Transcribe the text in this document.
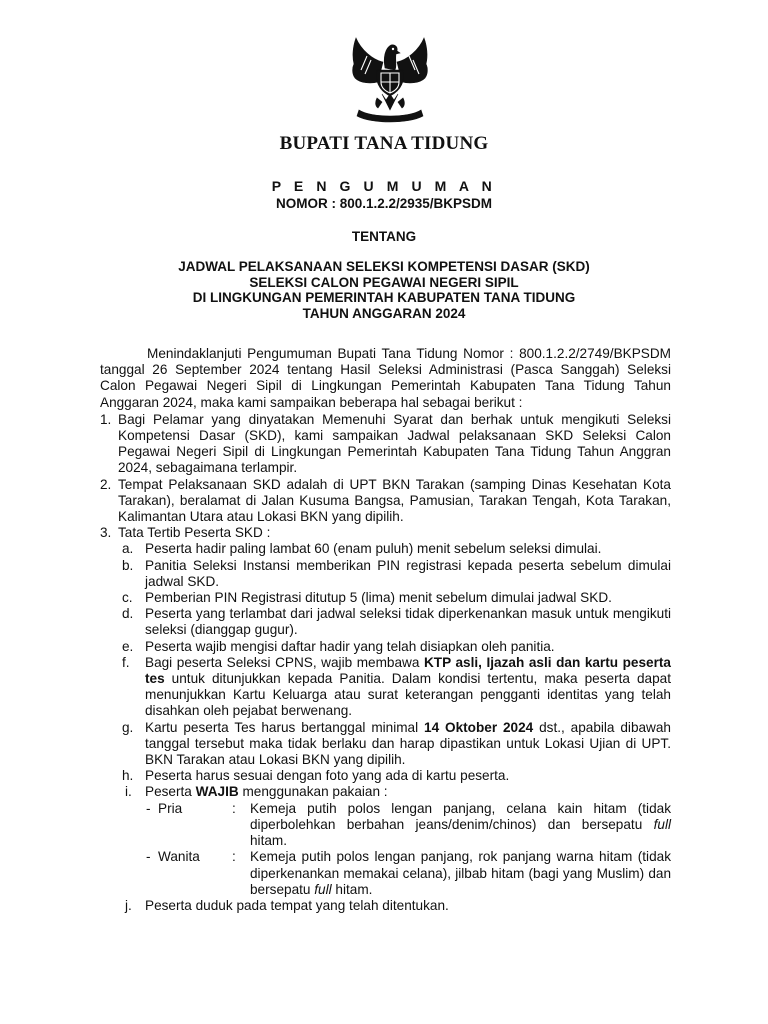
BUPATI TANA TIDUNG
P E N G U M U M A N
NOMOR : 800.1.2.2/2935/BKPSDM
TENTANG
JADWAL PELAKSANAAN SELEKSI KOMPETENSI DASAR (SKD)
SELEKSI CALON PEGAWAI NEGERI SIPIL
DI LINGKUNGAN PEMERINTAH KABUPATEN TANA TIDUNG
TAHUN ANGGARAN 2024

Menindaklanjuti Pengumuman Bupati Tana Tidung Nomor : 800.1.2.2/2749/BKPSDM tanggal 26 September 2024 tentang Hasil Seleksi Administrasi (Pasca Sanggah) Seleksi Calon Pegawai Negeri Sipil di Lingkungan Pemerintah Kabupaten Tana Tidung Tahun Anggaran 2024, maka kami sampaikan beberapa hal sebagai berikut :

1. Bagi Pelamar yang dinyatakan Memenuhi Syarat dan berhak untuk mengikuti Seleksi Kompetensi Dasar (SKD), kami sampaikan Jadwal pelaksanaan SKD Seleksi Calon Pegawai Negeri Sipil di Lingkungan Pemerintah Kabupaten Tana Tidung Tahun Anggran 2024, sebagaimana terlampir.
2. Tempat Pelaksanaan SKD adalah di UPT BKN Tarakan (samping Dinas Kesehatan Kota Tarakan), beralamat di Jalan Kusuma Bangsa, Pamusian, Tarakan Tengah, Kota Tarakan, Kalimantan Utara atau Lokasi BKN yang dipilih.
3. Tata Tertib Peserta SKD :
a. Peserta hadir paling lambat 60 (enam puluh) menit sebelum seleksi dimulai.
b. Panitia Seleksi Instansi memberikan PIN registrasi kepada peserta sebelum dimulai jadwal SKD.
c. Pemberian PIN Registrasi ditutup 5 (lima) menit sebelum dimulai jadwal SKD.
d. Peserta yang terlambat dari jadwal seleksi tidak diperkenankan masuk untuk mengikuti seleksi (dianggap gugur).
e. Peserta wajib mengisi daftar hadir yang telah disiapkan oleh panitia.
f. Bagi peserta Seleksi CPNS, wajib membawa KTP asli, Ijazah asli dan kartu peserta tes untuk ditunjukkan kepada Panitia. Dalam kondisi tertentu, maka peserta dapat menunjukkan Kartu Keluarga atau surat keterangan pengganti identitas yang telah disahkan oleh pejabat berwenang.
g. Kartu peserta Tes harus bertanggal minimal 14 Oktober 2024 dst., apabila dibawah tanggal tersebut maka tidak berlaku dan harap dipastikan untuk Lokasi Ujian di UPT. BKN Tarakan atau Lokasi BKN yang dipilih.
h. Peserta harus sesuai dengan foto yang ada di kartu peserta.
i. Peserta WAJIB menggunakan pakaian :
- Pria	: Kemeja putih polos lengan panjang, celana kain hitam (tidak diperbolehkan berbahan jeans/denim/chinos) dan bersepatu full hitam.
- Wanita : Kemeja putih polos lengan panjang, rok panjang warna hitam (tidak diperkenankan memakai celana), jilbab hitam (bagi yang Muslim) dan bersepatu full hitam.
j. Peserta duduk pada tempat yang telah ditentukan.
